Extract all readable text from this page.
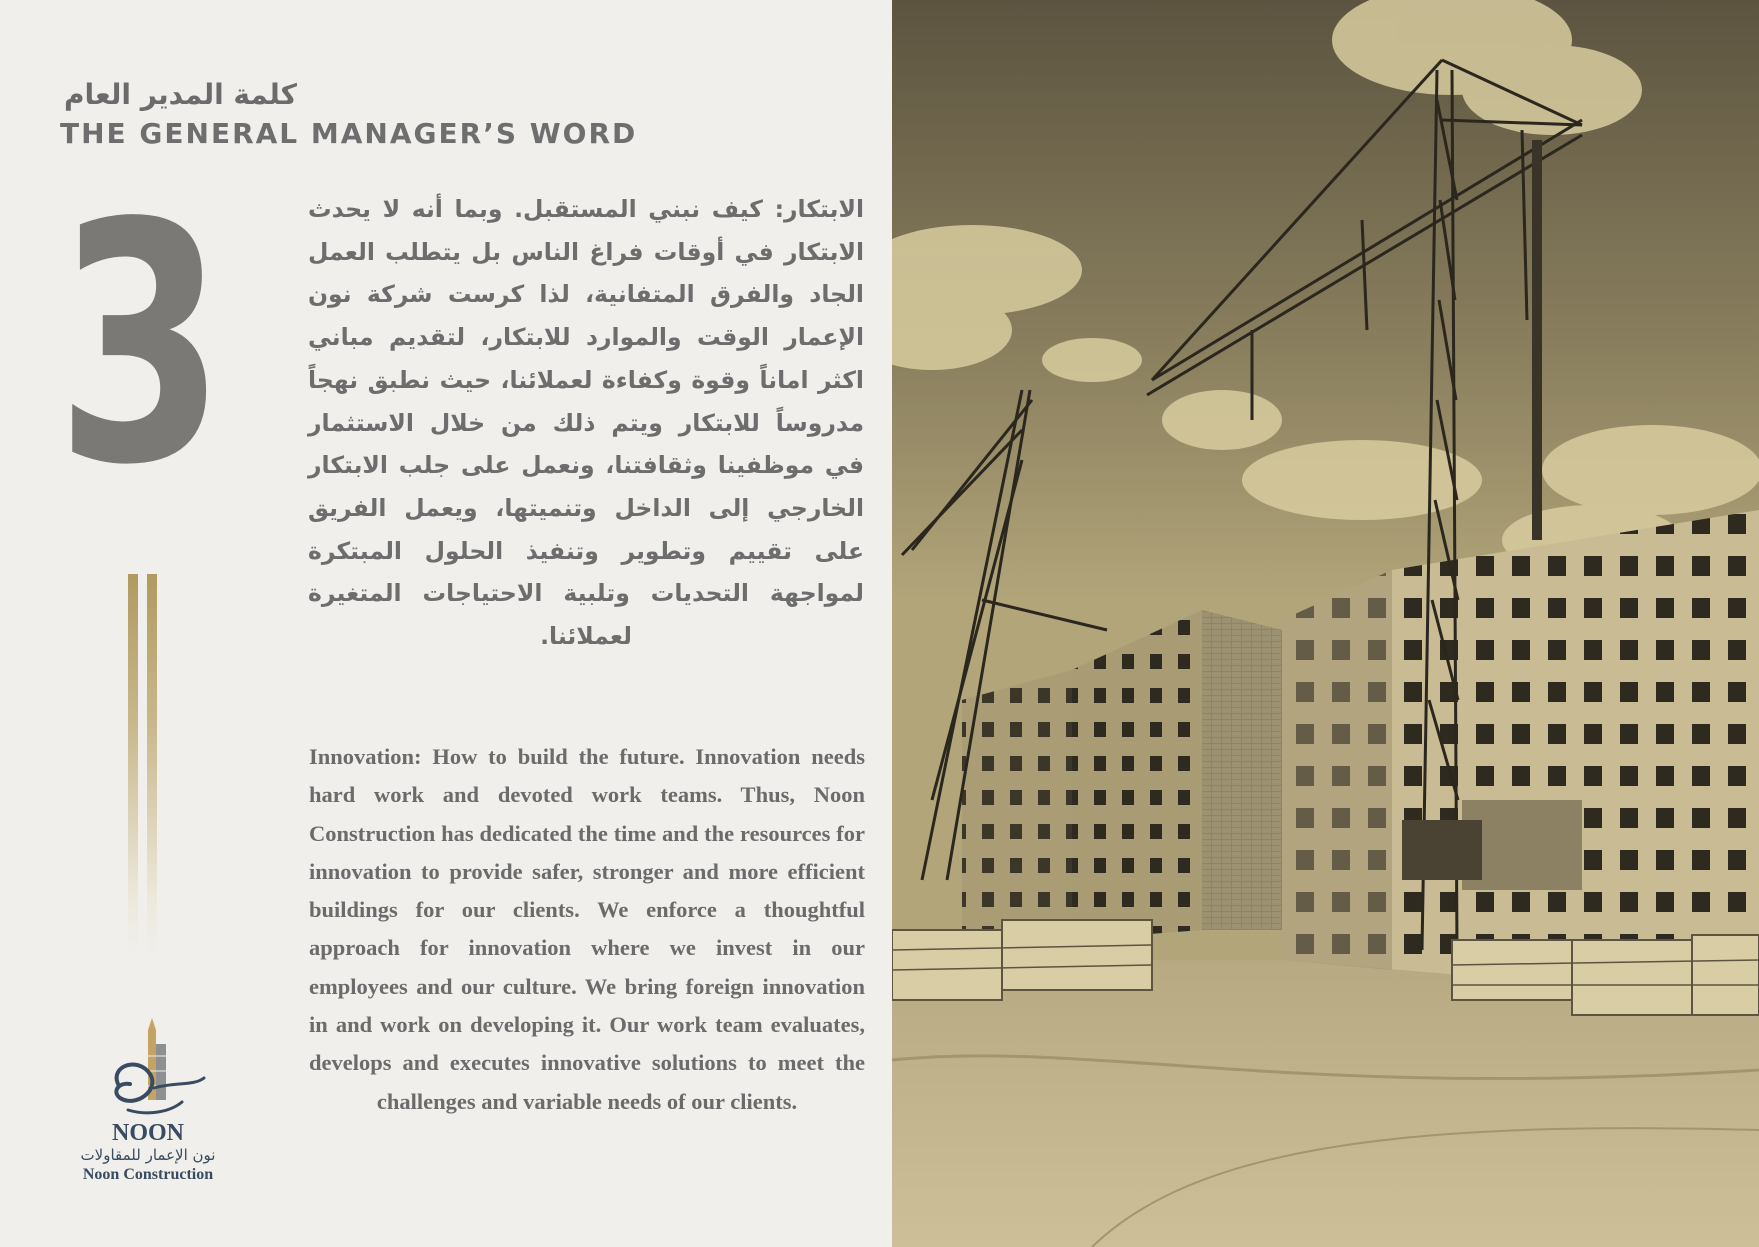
كلمة المدير العام
THE GENERAL MANAGER’S WORD
3	الابتكار: كيف نبني المستقبل. وبما أنه لا يحدث الابتكار في أوقات فراغ الناس بل يتطلب العمل الجاد والفرق المتفانية، لذا كرست شركة نون الإعمار الوقت والموارد للابتكار، لتقديم مباني اكثر اماناً وقوة وكفاءة لعملائنا، حيث نطبق نهجاً مدروساً للابتكار ويتم ذلك من خلال الاستثمار في موظفينا وثقافتنا، ونعمل على جلب الابتكار الخارجي إلى الداخل وتنميتها، ويعمل الفريق على تقييم وتطوير وتنفيذ الحلول المبتكرة لمواجهة التحديات وتلبية الاحتياجات المتغيرة لعملائنا.
Innovation: How to build the future. Innovation needs hard work and devoted work teams. Thus, Noon Construction has dedicated the time and the resources for innovation to provide safer, stronger and more efficient buildings for our clients. We enforce a thoughtful approach for innovation where we invest in our employees and our culture. We bring foreign innovation in and work on developing it. Our work team evaluates, develops and executes innovative solutions to meet the challenges and variable needs of our clients.
NOON
نون الإعمار للمقاولات
Noon Construction
